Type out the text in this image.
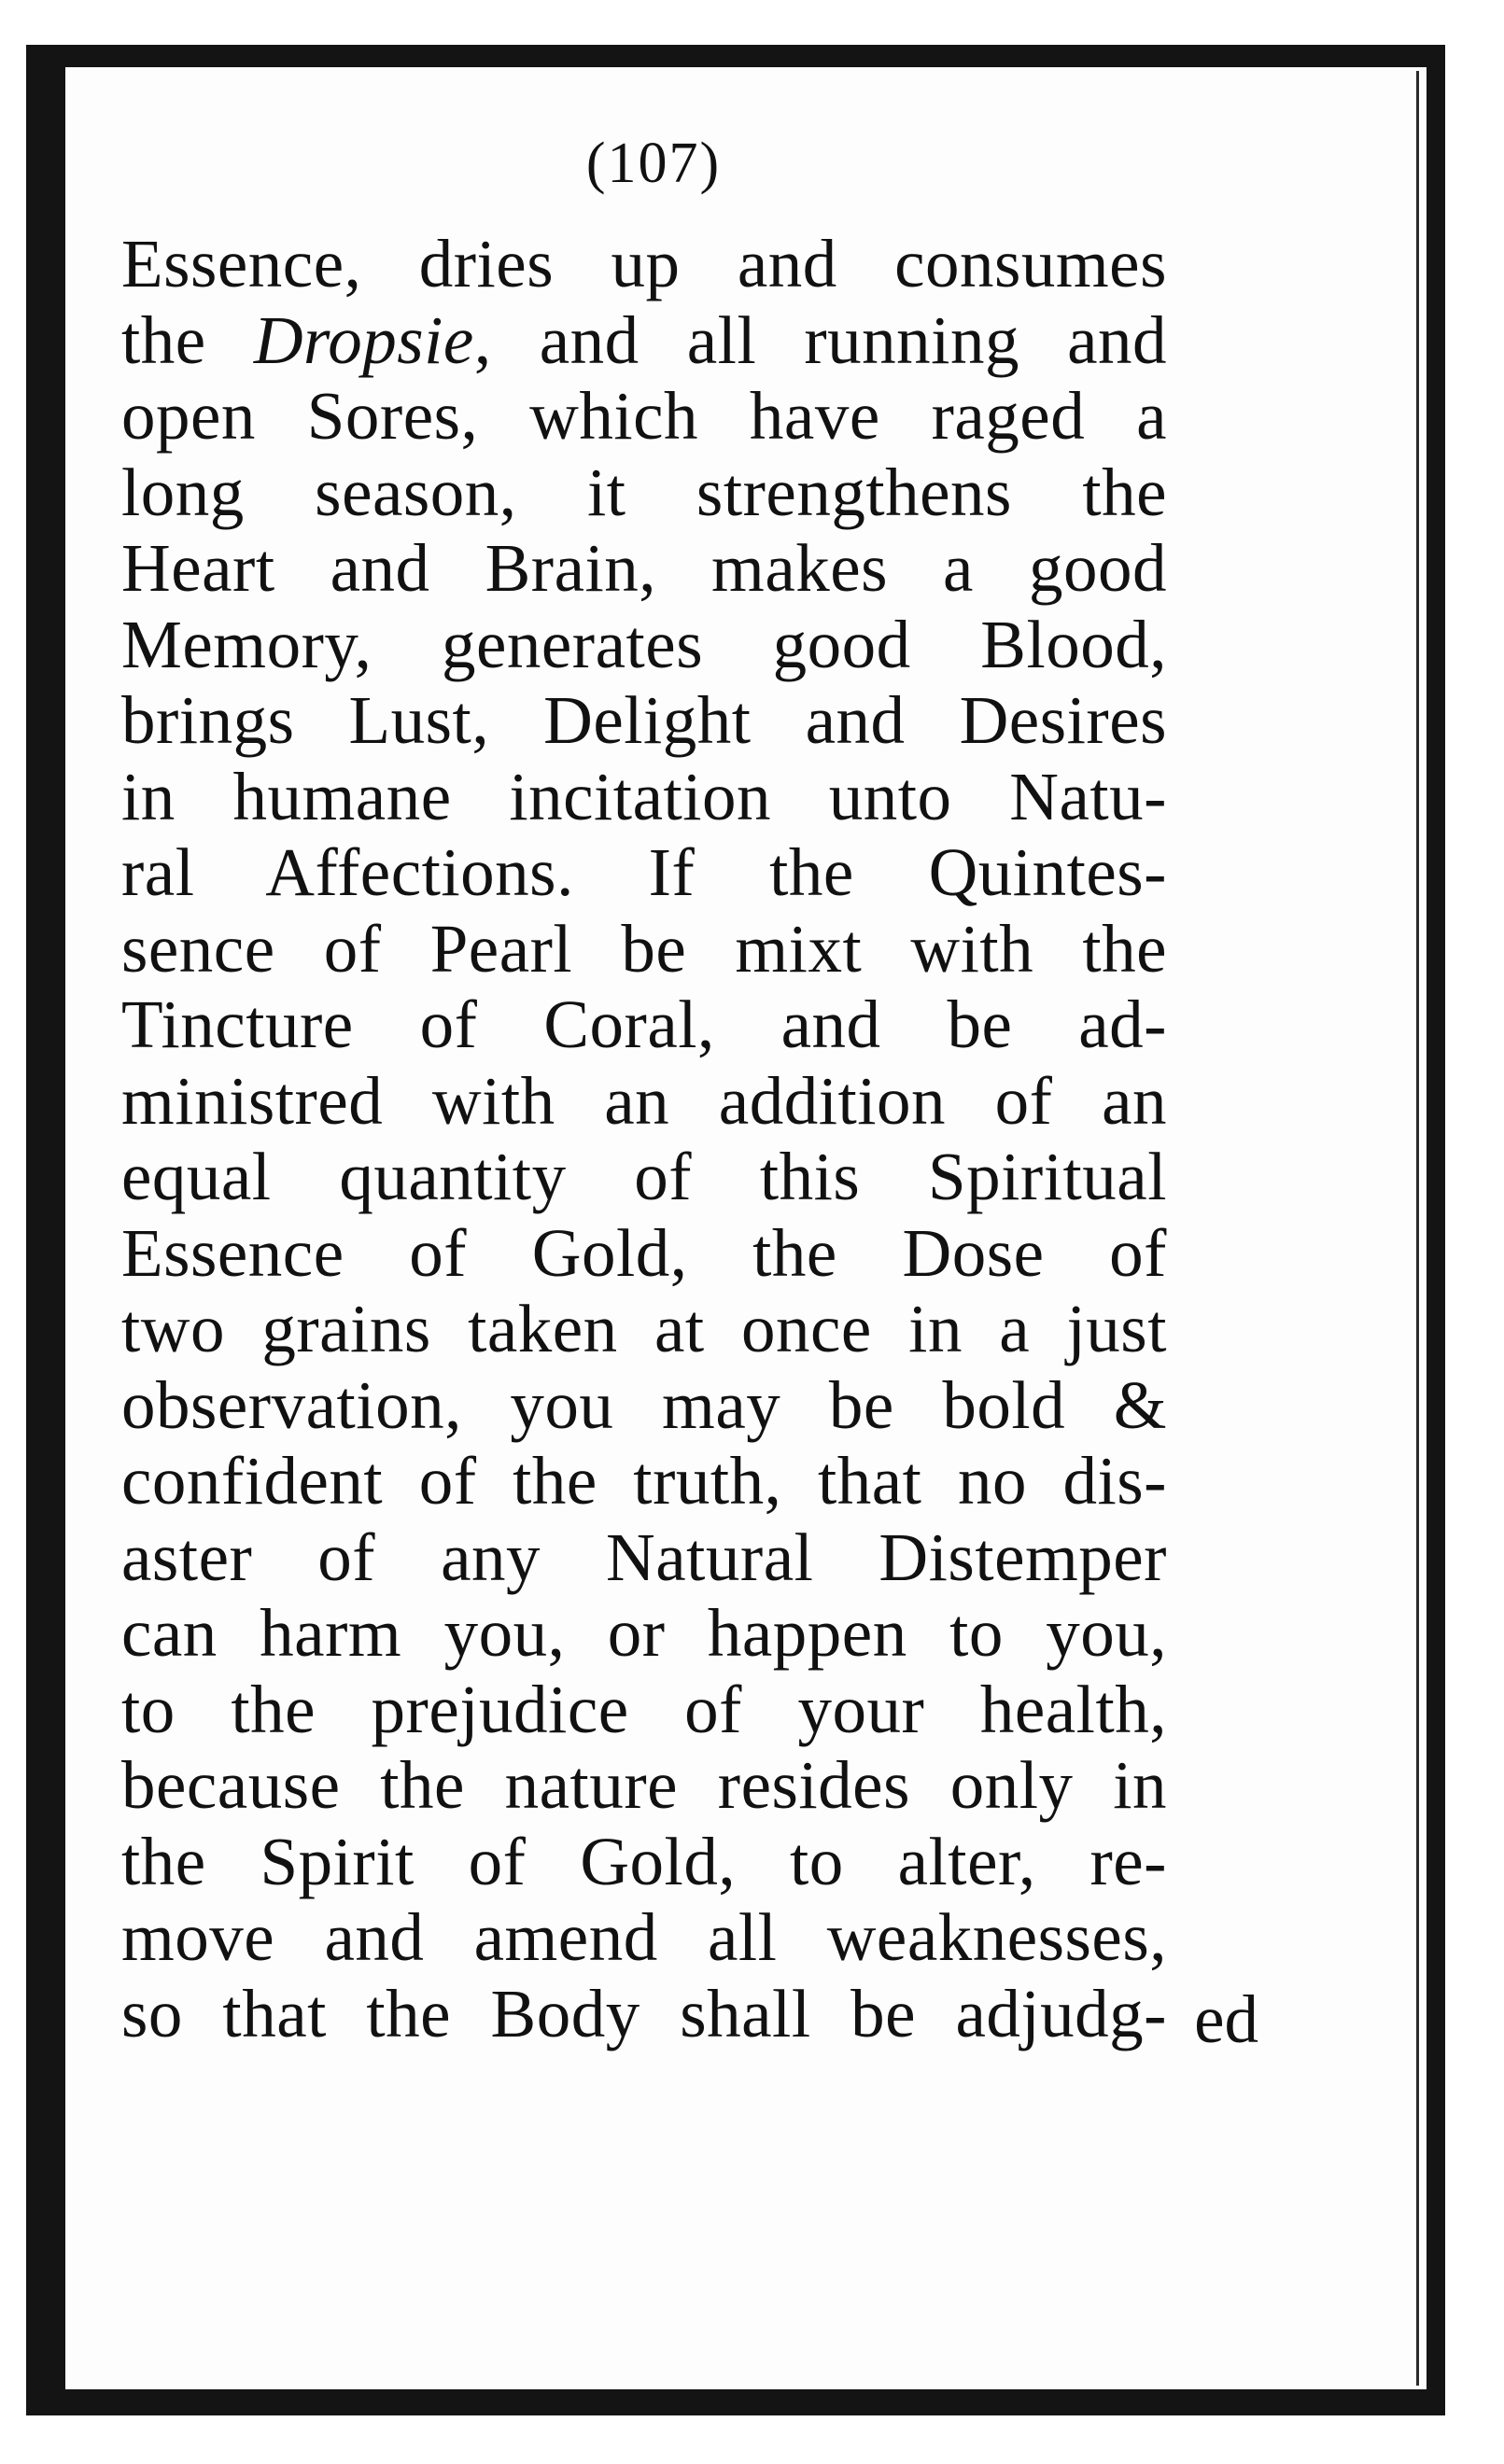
(107)
Essence, dries up and consumes
the Dropsie, and all running and
open Sores, which have raged a
long season, it strengthens the
Heart and Brain, makes a good
Memory, generates good Blood,
brings Lust, Delight and Desires
in humane incitation unto Natu-
ral Affections. If the Quintes-
sence of Pearl be mixt with the
Tincture of Coral, and be ad-
ministred with an addition of an
equal quantity of this Spiritual
Essence of Gold, the Dose of
two grains taken at once in a just
observation, you may be bold &
confident of the truth, that no dis-
aster of any Natural Distemper
can harm you, or happen to you,
to the prejudice of your health,
because the nature resides only in
the Spirit of Gold, to alter, re-
move and amend all weaknesses,
so that the Body shall be adjudg- ed
